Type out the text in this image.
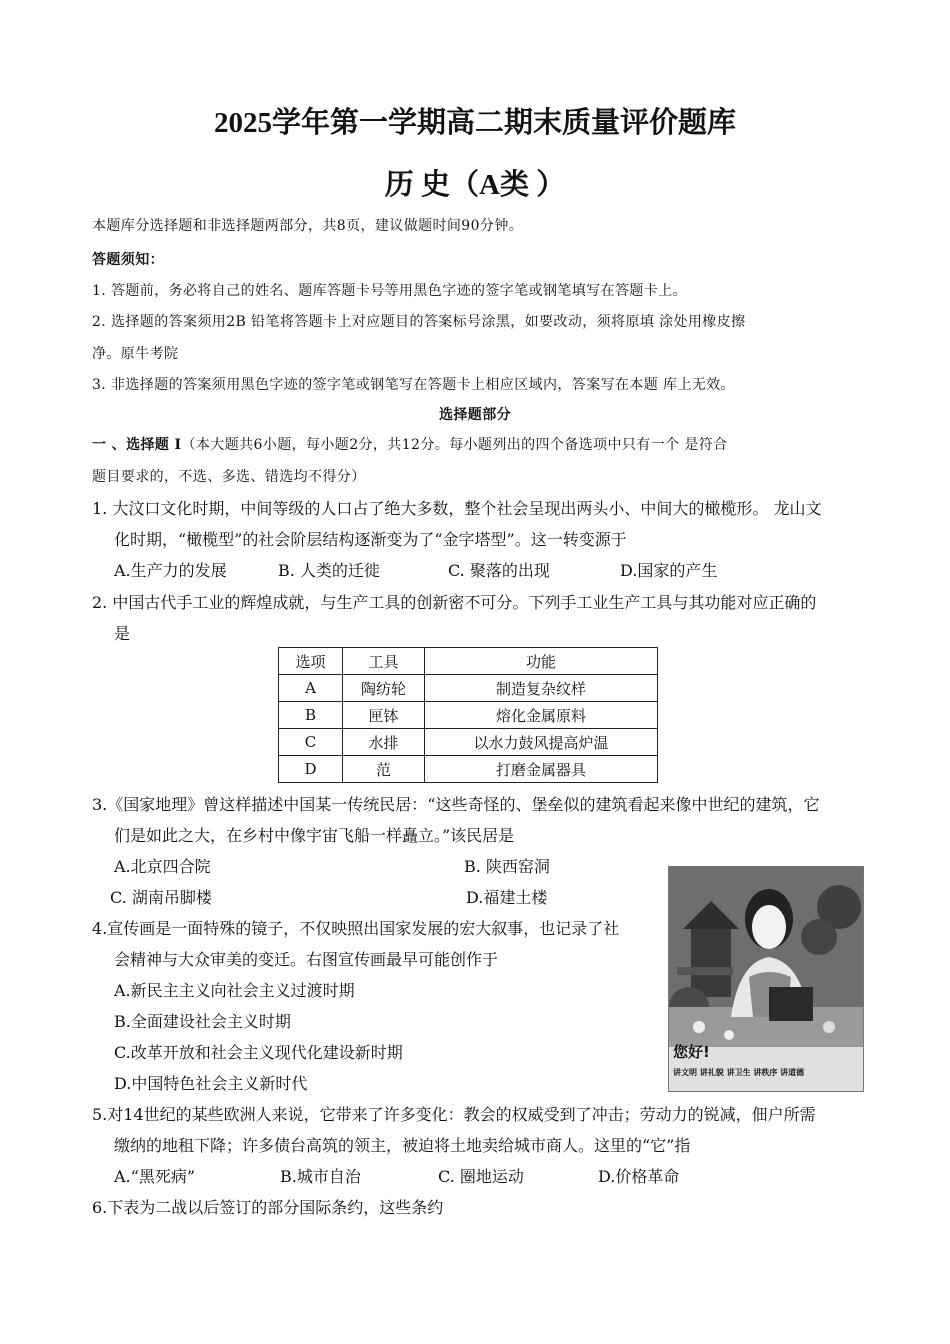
2025学年第一学期高二期末质量评价题库
历 史（A类 ）
本题库分选择题和非选择题两部分，共8页，建议做题时间90分钟。
答题须知：
1. 答题前，务必将自己的姓名、题库答题卡号等用黑色字迹的签字笔或钢笔填写在答题卡上。
2. 选择题的答案须用2B 铅笔将答题卡上对应题目的答案标号涂黑，如要改动，须将原填 涂处用橡皮擦
净。原牛考院
3. 非选择题的答案须用黑色字迹的签字笔或钢笔写在答题卡上相应区域内，答案写在本题 库上无效。
选择题部分
一 、选择题 I（本大题共6小题，每小题2分，共12分。每小题列出的四个备选项中只有一个 是符合
题目要求的，不选、多选、错选均不得分）
1. 大汶口文化时期，中间等级的人口占了绝大多数，整个社会呈现出两头小、中间大的橄榄形。 龙山文
化时期，“橄榄型”的社会阶层结构逐渐变为了“金字塔型”。这一转变源于
A.生产力的发展	B. 人类的迁徙	C. 聚落的出现	D.国家的产生
2. 中国古代手工业的辉煌成就，与生产工具的创新密不可分。下列手工业生产工具与其功能对应正确的
是
选项	工具	功能
A	陶纺轮	制造复杂纹样
B	匣钵	熔化金属原料
C	水排	以水力鼓风提高炉温
D	范	打磨金属器具
3.《国家地理》曾这样描述中国某一传统民居：“这些奇怪的、堡垒似的建筑看起来像中世纪的建筑，它
们是如此之大，在乡村中像宇宙飞船一样矗立。”该民居是
A.北京四合院	B. 陕西窑洞
C. 湖南吊脚楼	D.福建土楼
4.宣传画是一面特殊的镜子，不仅映照出国家发展的宏大叙事，也记录了社
会精神与大众审美的变迁。右图宣传画最早可能创作于
A.新民主主义向社会主义过渡时期
B.全面建设社会主义时期
C.改革开放和社会主义现代化建设新时期
D.中国特色社会主义新时代
您好!
讲文明 讲礼貌 讲卫生 讲秩序 讲道德
5.对14世纪的某些欧洲人来说，它带来了许多变化：教会的权威受到了冲击；劳动力的锐减，佃户所需
缴纳的地租下降；许多债台高筑的领主，被迫将土地卖给城市商人。这里的“它”指
A.“黑死病”	B.城市自治	C. 圈地运动	D.价格革命
6.下表为二战以后签订的部分国际条约，这些条约
